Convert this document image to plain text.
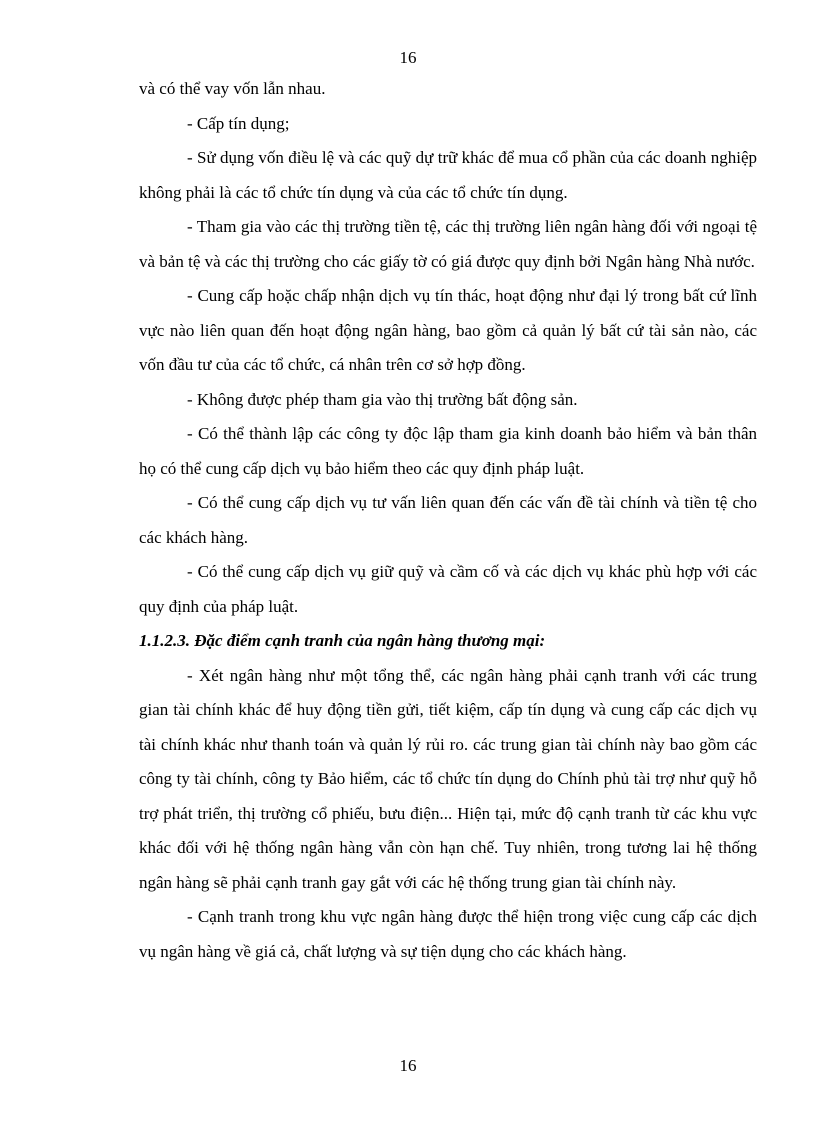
16

và có thể vay vốn lẫn nhau.

- Cấp tín dụng;

- Sử dụng vốn điều lệ và các quỹ dự trữ khác để mua cổ phần của các doanh nghiệp không phải là các tổ chức tín dụng và của các tổ chức tín dụng.

- Tham gia vào các thị trường tiền tệ, các thị trường liên ngân hàng đối với ngoại tệ và bản tệ và các thị trường cho các giấy tờ có giá được quy định bởi Ngân hàng Nhà nước.

- Cung cấp hoặc chấp nhận dịch vụ tín thác, hoạt động như đại lý trong bất cứ lĩnh vực nào liên quan đến hoạt động ngân hàng, bao gồm cả quản lý bất cứ tài sản nào, các vốn đầu tư của các tổ chức, cá nhân trên cơ sở hợp đồng.

- Không được phép tham gia vào thị trường bất động sản.

- Có thể thành lập các công ty độc lập tham gia kinh doanh bảo hiểm và bản thân họ có thể cung cấp dịch vụ bảo hiểm theo các quy định pháp luật.

- Có thể cung cấp dịch vụ tư vấn liên quan đến các vấn đề tài chính và tiền tệ cho các khách hàng.

- Có thể cung cấp dịch vụ giữ quỹ và cầm cố và các dịch vụ khác phù hợp với các quy định của pháp luật.

1.1.2.3. Đặc điểm cạnh tranh của ngân hàng thương mại:

- Xét ngân hàng như một tổng thể, các ngân hàng phải cạnh tranh với các trung gian tài chính khác để huy động tiền gửi, tiết kiệm, cấp tín dụng và cung cấp các dịch vụ tài chính khác như thanh toán và quản lý rủi ro. các trung gian tài chính này bao gồm các công ty tài chính, công ty Bảo hiểm, các tổ chức tín dụng do Chính phủ tài trợ như quỹ hỗ trợ phát triển, thị trường cổ phiếu, bưu điện... Hiện tại, mức độ cạnh tranh từ các khu vực khác đối với hệ thống ngân hàng vẫn còn hạn chế. Tuy nhiên, trong tương lai hệ thống ngân hàng sẽ phải cạnh tranh gay gắt với các hệ thống trung gian tài chính này.

- Cạnh tranh trong khu vực ngân hàng được thể hiện trong việc cung cấp các dịch vụ ngân hàng về giá cả, chất lượng và sự tiện dụng cho các khách hàng.

16
